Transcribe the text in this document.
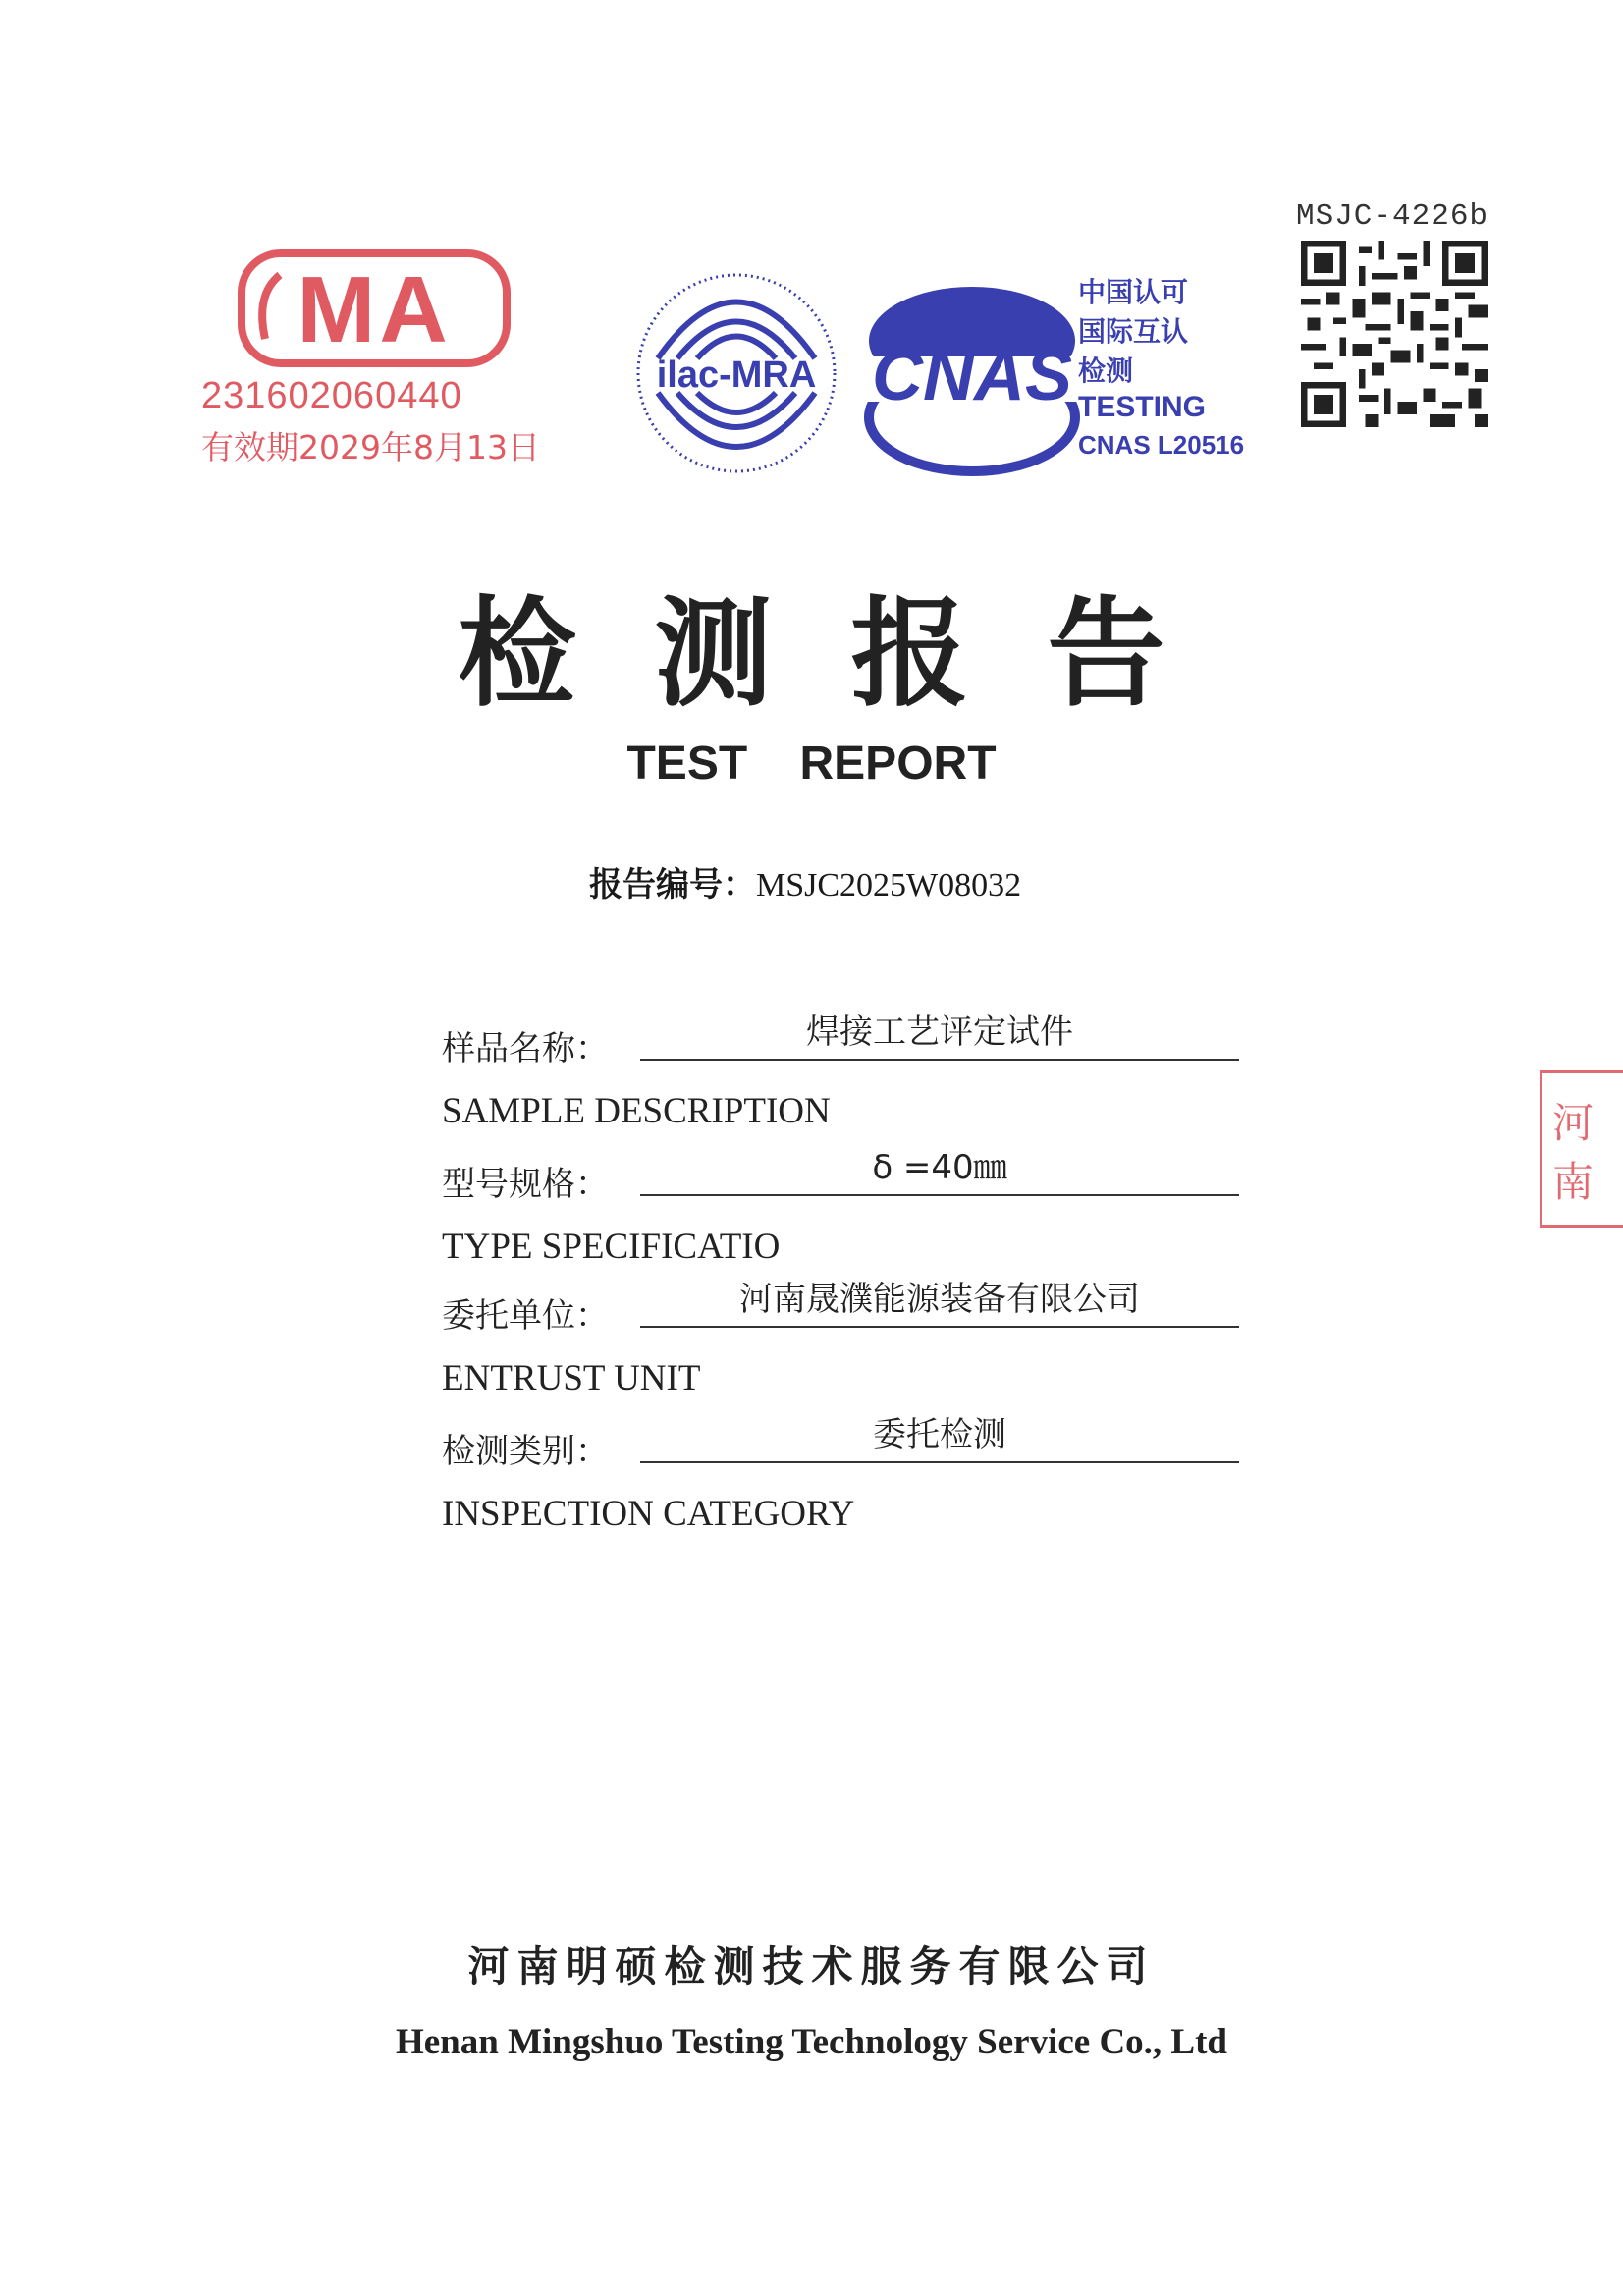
MA
231602060440
有效期2029年8月13日
ilac-MRA CNAS
中国认可
国际互认
检测
TESTING
CNAS L20516
MSJC-4226b
检测报告
TEST REPORT
报告编号：MSJC2025W08032
样品名称：	焊接工艺评定试件
SAMPLE DESCRIPTION
型号规格：	δ =40㎜
TYPE SPECIFICATIO
委托单位：	河南晟濮能源装备有限公司
ENTRUST UNIT
检测类别：	委托检测
INSPECTION CATEGORY
河南
河南明硕检测技术服务有限公司
Henan Mingshuo Testing Technology Service Co., Ltd
